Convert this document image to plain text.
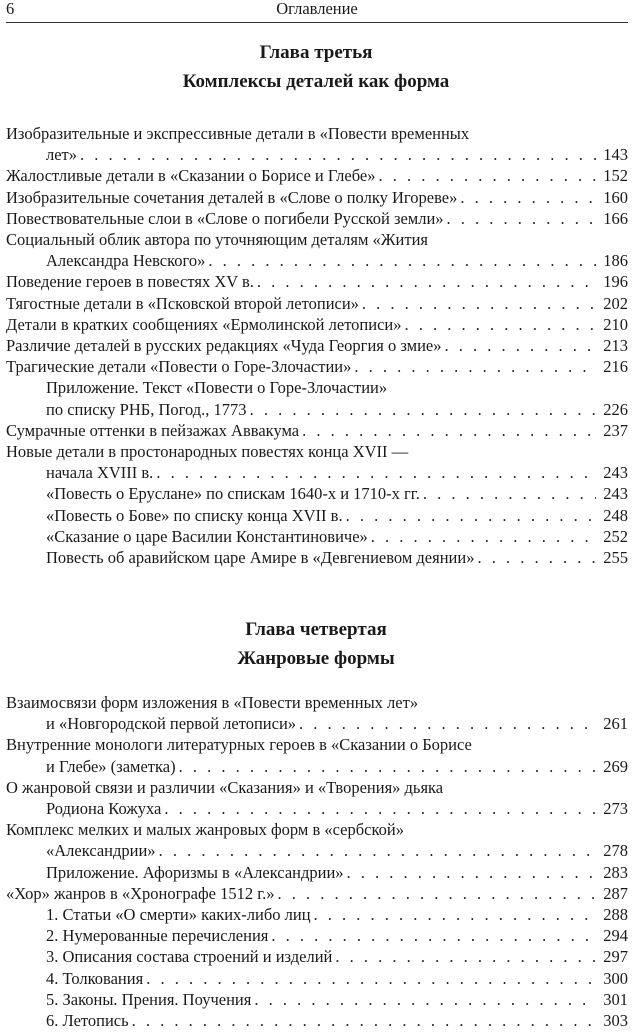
6	Оглавление
Глава третья
Комплексы деталей как форма
Изобразительные и экспрессивные детали в «Повести временных
лет» . . .	143
Жалостливые детали в «Сказании о Борисе и Глебе» . . .	152
Изобразительные сочетания деталей в «Слове о полку Игореве» . . .	160
Повествовательные слои в «Слове о погибели Русской земли» . . .	166
Социальный облик автора по уточняющим деталям «Жития
Александра Невского» . . .	186
Поведение героев в повестях XV в. . . .	196
Тягостные детали в «Псковской второй летописи» . . .	202
Детали в кратких сообщениях «Ермолинской летописи» . . .	210
Различие деталей в русских редакциях «Чуда Георгия о змие» . . .	213
Трагические детали «Повести о Горе-Злочастии» . . .	216
Приложение. Текст «Повести о Горе-Злочастии»
по списку РНБ, Погод., 1773 . . .	226
Сумрачные оттенки в пейзажах Аввакума . . .	237
Новые детали в простонародных повестях конца XVII —
начала XVIII в. . . .	243
«Повесть о Еруслане» по спискам 1640-х и 1710-х гг. . . .	243
«Повесть о Бове» по списку конца XVII в. . . .	248
«Сказание о царе Василии Константиновиче» . . .	252
Повесть об аравийском царе Амире в «Девгениевом деянии» . . .	255
Глава четвертая
Жанровые формы
Взаимосвязи форм изложения в «Повести временных лет»
и «Новгородской первой летописи» . . .	261
Внутренние монологи литературных героев в «Сказании о Борисе
и Глебе» (заметка) . . .	269
О жанровой связи и различии «Сказания» и «Творения» дьяка
Родиона Кожуха . . .	273
Комплекс мелких и малых жанровых форм в «сербской»
«Александрии» . . .	278
Приложение. Афоризмы в «Александрии» . . .	283
«Хор» жанров в «Хронографе 1512 г.» . . .	287
1. Статьи «О смерти» каких-либо лиц . . .	288
2. Нумерованные перечисления . . .	294
3. Описания состава строений и изделий . . .	297
4. Толкования . . .	300
5. Законы. Прения. Поучения . . .	301
6. Летопись . . .	303
